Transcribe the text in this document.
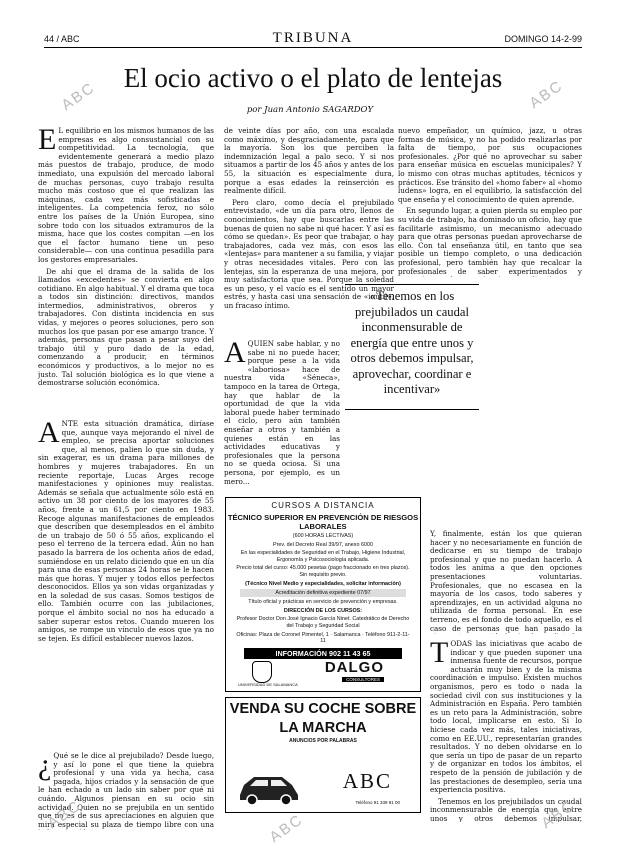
44 / ABC	TRIBUNA	DOMINGO 14-2-99
El ocio activo o el plato de lentejas
por Juan Antonio SAGARDOY
E L equilibrio en los mismos humanos de las empresas es algo consustancial con su competitividad. La tecnología, que evidentemente generará a medio plazo más puestos de trabajo, produce, de modo inmediato, una expulsión del mercado laboral de muchas personas, cuyo trabajo resulta mucho más costoso que el que realizan las máquinas, cada vez más sofisticadas e inteligentes. La competencia feroz, no sólo entre los países de la Unión Europea, sino sobre todo con los situados extramuros de la misma, hace que los costes compitan —en los que el factor humano tiene un peso considerable— con una continua pesadilla para los gestores empresariales.

De ahí que el drama de la salida de los llamados «excedentes» se convierta en algo cotidiano. En algo habitual. Y el drama que toca a todos sin distinción: directivos, mandos intermedios, administrativos, obreros y trabajadores. Con distinta incidencia en sus vidas, y mejores o peores soluciones, pero son muchos los que pasan por ese amargo trance. Y además, personas que pasan a pesar suyo del trabajo útil y puro dado de la edad, comenzando a producir, en términos económicos y productivos, a lo mejor no es justo. Tal solución biológica es lo que viene a demostrarse solución económica.

A NTE esta situación dramática, diríase que, aunque vaya mejorando el nivel de empleo, se precisa aportar soluciones que, al menos, palien lo que sin duda, y sin exagerar, es un drama para millones de hombres y mujeres trabajadores. En un reciente reportaje, Lucas Arges recoge manifestaciones y opiniones muy realistas. Además se señala que actualmente sólo está en activo un 38 por ciento de los mayores de 55 años, frente a un 61,5 por ciento en 1983. Recoge algunas manifestaciones de empleados que describen que desempleados en el ámbito de un trabajo de 50 ó 55 años, explicando el peso el terreno de la tercera edad. Aún no han pasado la barrera de los ochenta años de edad, sumiéndose en un relato diciendo que en un día para una de esas personas 24 horas se le hacen más que horas. Y mujer y todos ellos perfectos desconocidos. Ellos ya son vidas organizadas y en la soledad de sus casas. Somos testigos de ello. También ocurre con las jubilaciones, porque el ámbito social no nos ha educado a saber superar estos retos. Cuando mueren los amigos, se rompe un vínculo de esos que ya no se tejen. Es difícil establecer nuevos lazos.

¿ Qué se le dice al prejubilado? Desde luego, y así lo pone el que tiene la quiebra profesional y una vida ya hecha, casa pagada, hijos criados y la sensación de que le han echado a un lado sin saber por qué ni cuándo. Algunos piensan en su ocio sin actividad. Quien no se prejubila en un sentido que no es de sus apreciaciones en alguien que mira especial su plaza de tiempo libre con una

de veinte días por año, con una escalada como máximo, y desgraciadamente, para que la mayoría. Son los que perciben la indemnización legal a palo seco. Y si nos situamos a partir de los 45 años y antes de los 55, la situación es especialmente dura, porque a esas edades la reinserción es realmente difícil.

Pero claro, como decía el prejubilado entrevistado, «de un día para otro, llenos de conocimientos, hay que buscarlas entre las buenas de quien no sabe ni qué hacer. Y así es cómo se quedan». Es peor que trabajar, o hay trabajadores, cada vez más, con esos las «lentejas» para mantener a su familia, y viajar y otras necesidades vitales. Pero con las lentejas, sin la esperanza de una mejora, por muy satisfactoria que sea. Porque la soledad es un peso, y el vacío es el sentido un mayor estrés, y hasta casi una sensación de «inútil», un fracaso íntimo.

A QUIEN sabe hablar, y no sabe ni no puede hacer, porque pese a la vida «laboriosa» hace de nuestra vida «Séneca», tampoco en la tarea de Ortega, hay que hablar de la oportunidad de que la vida laboral puede haber terminado el ciclo, pero aún también enseñar a otros y también a quienes están en las actividades educativas y profesionales que la persona no se queda ociosa. Si una persona, por ejemplo, es un mero...

«Tenemos en los prejubilados un caudal inconmensurable de energía que entre unos y otros debemos impulsar, aprovechar, coordinar e incentivar»

nuevo empeñador, un químico, jazz, u otras formas de música, y no ha podido realizarlas por falta de tiempo, por sus ocupaciones profesionales. ¿Por qué no aprovechar su saber para enseñar música en escuelas municipales? Y lo mismo con otras muchas aptitudes, técnicos y prácticos. Ese tránsito del «homo faber» al «homo ludens» logra, en el equilibrio, la satisfacción del que enseña y el conocimiento de quien aprende.

En segundo lugar, a quien pierda su empleo por su vida de trabajo, ha dominado un oficio, hay que facilitarle asimismo, un mecanismo adecuado para que otras personas puedan aprovecharse de ello. Con tal enseñanza útil, en tanto que sea posible un tiempo completo, o una dedicación profesional, pero también hay que recalcar la profesionales de saber experimentados y

Y, finalmente, están los que quieran hacer y no necesariamente en función de dedicarse en su tiempo de trabajo profesional y que no puedan hacerlo. A todos les anima a que den opciones presentaciones voluntarias. Profesionales, que no escasea en la mayoría de los casos, todo saberes y aprendizajes, en un actividad alguna no utilizada de forma personal. En ese terreno, es el fondo de todo aquello, es el caso de personas que han pasado la

T ODAS las iniciativas que acabo de indicar y que pueden suponer una inmensa fuente de recursos, porque actuarán muy bien y de la misma coordinación e impulso. Existen muchos organismos, pero es todo o nada la sociedad civil con sus instituciones y la Administración en España. Pero también es un reto para la Administración, sobre todo local, implicarse en esto. Si lo hiciese cada vez más, tales iniciativas, como en EE.UU., representarían grandes resultados. Y no deben olvidarse en lo que sería un tipo de pasar de un reparto y de organizar en todos los ámbitos, el respeto de la pensión de jubilación y de las prestaciones de desempleo, sería una experiencia positiva.

Tenemos en los prejubilados un caudal inconmensurable de energía que entre unos y otros debemos impulsar,

CURSOS A DISTANCIA
TÉCNICO SUPERIOR EN PREVENCIÓN DE RIESGOS LABORALES
(600 HORAS LECTIVAS)
Prev. del Decreto Real 39/97, anexo 6000
En las especialidades de Seguridad en el Trabajo, Higiene Industrial, Ergonomía y Psicosociología aplicada.
Precio total del curso: 45.000 pesetas (pago fraccionado en tres plazos). Sin requisito previo.
(Técnico Nivel Medio y especialidades, solicitar información)
Acreditación definitiva expediente 07/97
Título oficial y prácticas en servicio de prevención y empresas.
DIRECCIÓN DE LOS CURSOS:
Profesor Doctor Don José Ignacio García Ninet. Catedrático de Derecho del Trabajo y Seguridad Social
Oficinas: Plaza de Coronel Pimentel, 1 · Salamanca · Teléfono 911-2-11-11
INFORMACIÓN 902 11 43 65
UNIVERSIDAD DE SALAMANCA
DALGO
CONSULTORES
VENDA SU COCHE SOBRE
LA MARCHA
ANUNCIOS POR PALABRAS
ABC
Teléfono 91 339 91 00
ABC	ABC
ABC	ABC	ABC
